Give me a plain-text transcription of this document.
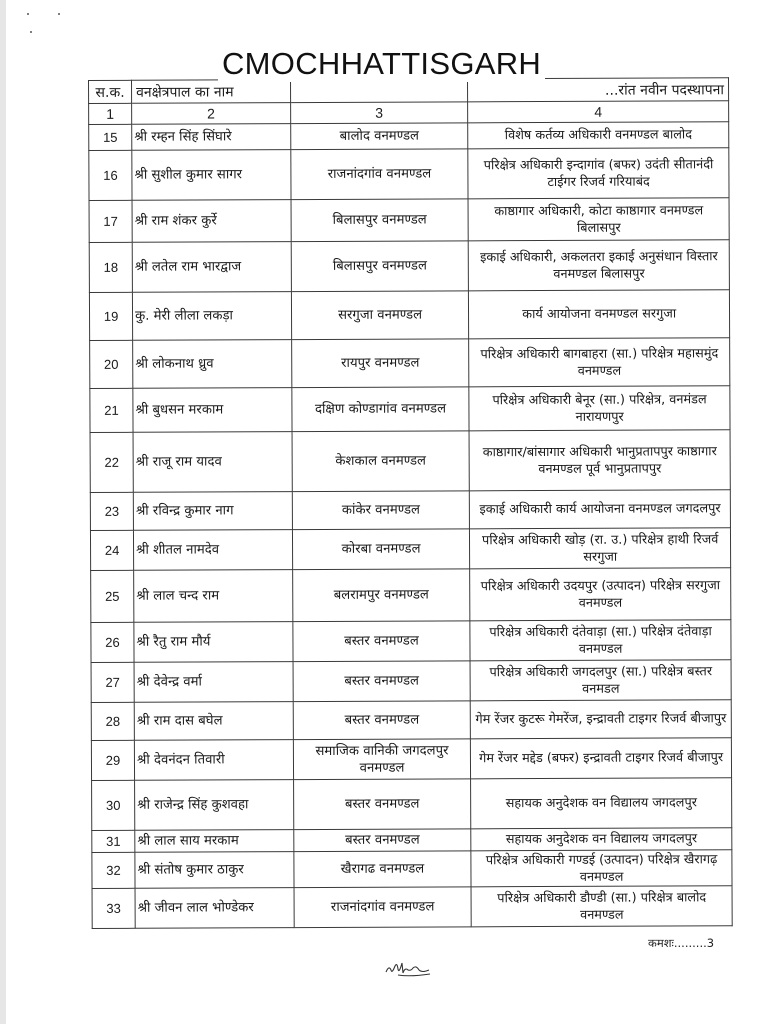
CMOCHHATTISGARH
स.क.	वनक्षेत्रपाल का नाम		...रांत नवीन पदस्थापना
1	2	3	4
15	श्री रम्हन सिंह सिंघारे	बालोद वनमण्डल	विशेष कर्तव्य अधिकारी वनमण्डल बालोद
16	श्री सुशील कुमार सागर	राजनांदगांव वनमण्डल	परिक्षेत्र अधिकारी इन्दागांव (बफर) उदंती सीतानंदी टाईगर रिजर्व गरियाबंद
17	श्री राम शंकर कुर्रे	बिलासपुर वनमण्डल	काष्ठागार अधिकारी, कोटा काष्ठागार वनमण्डल बिलासपुर
18	श्री लतेल राम भारद्वाज	बिलासपुर वनमण्डल	इकाई अधिकारी, अकलतरा इकाई अनुसंधान विस्तार वनमण्डल बिलासपुर
19	कु. मेरी लीला लकड़ा	सरगुजा वनमण्डल	कार्य आयोजना वनमण्डल सरगुजा
20	श्री लोकनाथ ध्रुव	रायपुर वनमण्डल	परिक्षेत्र अधिकारी बागबाहरा (सा.) परिक्षेत्र महासमुंद वनमण्डल
21	श्री बुधसन मरकाम	दक्षिण कोण्डागांव वनमण्डल	परिक्षेत्र अधिकारी बेनूर (सा.) परिक्षेत्र, वनमंडल नारायणपुर
22	श्री राजू राम यादव	केशकाल वनमण्डल	काष्ठागार/बांसागार अधिकारी भानुप्रतापपुर काष्ठागार वनमण्डल पूर्व भानुप्रतापपुर
23	श्री रविन्द्र कुमार नाग	कांकेर वनमण्डल	इकाई अधिकारी कार्य आयोजना वनमण्डल जगदलपुर
24	श्री शीतल नामदेव	कोरबा वनमण्डल	परिक्षेत्र अधिकारी खोड़ (रा. उ.) परिक्षेत्र हाथी रिजर्व सरगुजा
25	श्री लाल चन्द राम	बलरामपुर वनमण्डल	परिक्षेत्र अधिकारी उदयपुर (उत्पादन) परिक्षेत्र सरगुजा वनमण्डल
26	श्री रैतु राम मौर्य	बस्तर वनमण्डल	परिक्षेत्र अधिकारी दंतेवाड़ा (सा.) परिक्षेत्र दंतेवाड़ा वनमण्डल
27	श्री देवेन्द्र वर्मा	बस्तर वनमण्डल	परिक्षेत्र अधिकारी जगदलपुर (सा.) परिक्षेत्र बस्तर वनमडल
28	श्री राम दास बघेल	बस्तर वनमण्डल	गेम रेंजर कुटरू गेमरेंज, इन्द्रावती टाइगर रिजर्व बीजापुर
29	श्री देवनंदन तिवारी	समाजिक वानिकी जगदलपुर वनमण्डल	गेम रेंजर मद्देड (बफर) इन्द्रावती टाइगर रिजर्व बीजापुर
30	श्री राजेन्द्र सिंह कुशवहा	बस्तर वनमण्डल	सहायक अनुदेशक वन विद्यालय जगदलपुर
31	श्री लाल साय मरकाम	बस्तर वनमण्डल	सहायक अनुदेशक वन विद्यालय जगदलपुर
32	श्री संतोष कुमार ठाकुर	खैरागढ वनमण्डल	परिक्षेत्र अधिकारी गण्डई (उत्पादन) परिक्षेत्र खैरागढ़ वनमण्डल
33	श्री जीवन लाल भोण्डेकर	राजनांदगांव वनमण्डल	परिक्षेत्र अधिकारी डौण्डी (सा.) परिक्षेत्र बालोद वनमण्डल
कमशः.........3
